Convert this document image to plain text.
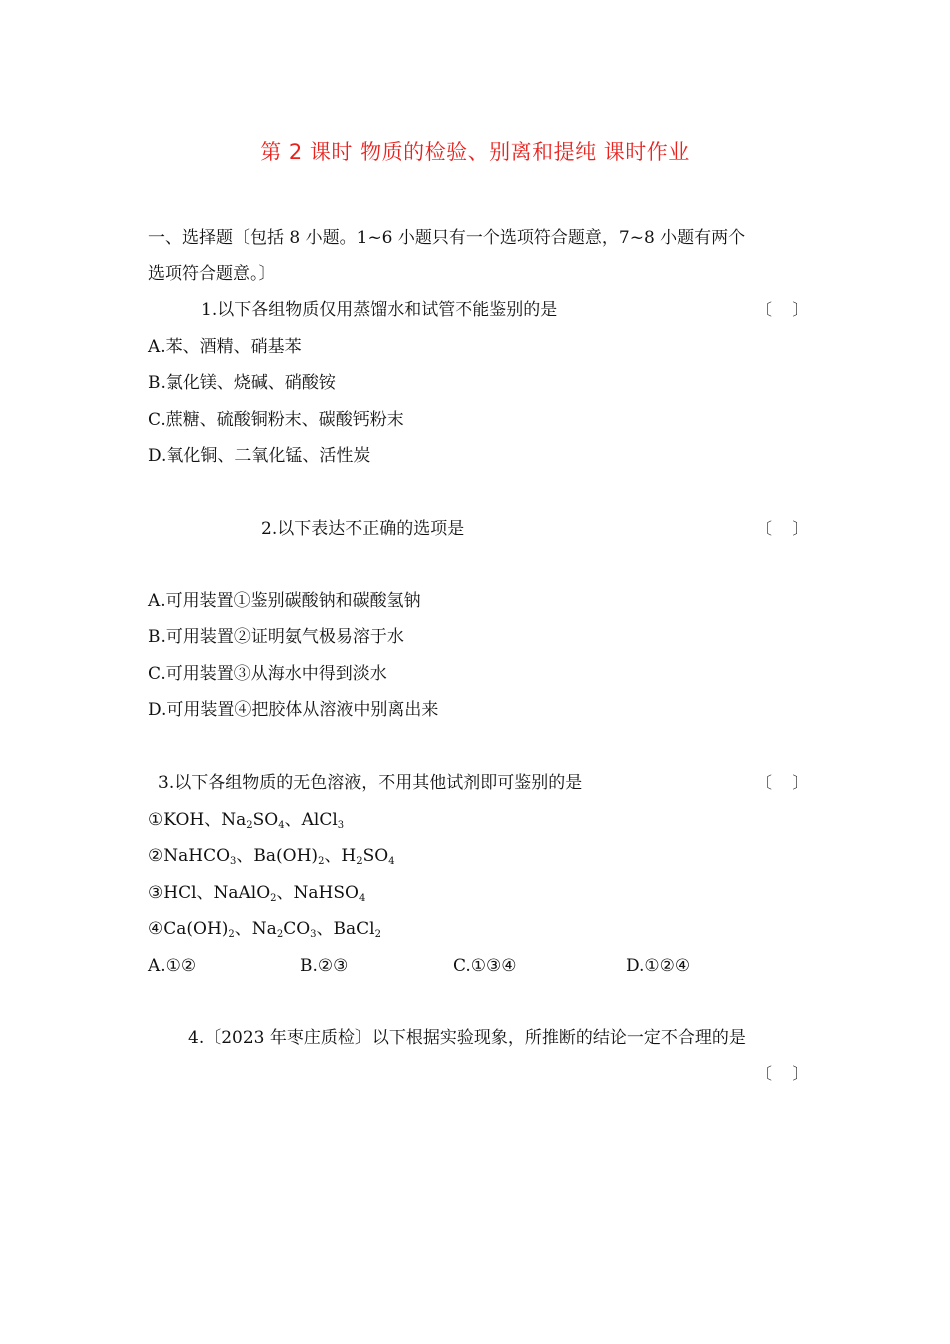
第 2 课时 物质的检验、别离和提纯 课时作业
一、选择题〔包括 8 小题。1~6 小题只有一个选项符合题意，7~8 小题有两个
选项符合题意。〕
1.以下各组物质仅用蒸馏水和试管不能鉴别的是	〔    〕
A.苯、酒精、硝基苯
B.氯化镁、烧碱、硝酸铵
C.蔗糖、硫酸铜粉末、碳酸钙粉末
D.氧化铜、二氧化锰、活性炭
2.以下表达不正确的选项是	〔    〕
A.可用装置①鉴别碳酸钠和碳酸氢钠
B.可用装置②证明氨气极易溶于水
C.可用装置③从海水中得到淡水
D.可用装置④把胶体从溶液中别离出来
3.以下各组物质的无色溶液，不用其他试剂即可鉴别的是	〔    〕
①KOH、$Na_2SO_4$、AlCl$_3$
②NaHCO$_3$、$Ba(OH)_2$、$H_2SO_4$
③HCl、NaAlO$_2$、NaHSO$_4$
$④Ca(OH)_2$、$Na_2CO_3$、BaCl$_2$
A.①②	B.②③	C.①③④	D.①②④
4.〔2023 年枣庄质检〕以下根据实验现象，所推断的结论一定不合理的是
〔    〕
